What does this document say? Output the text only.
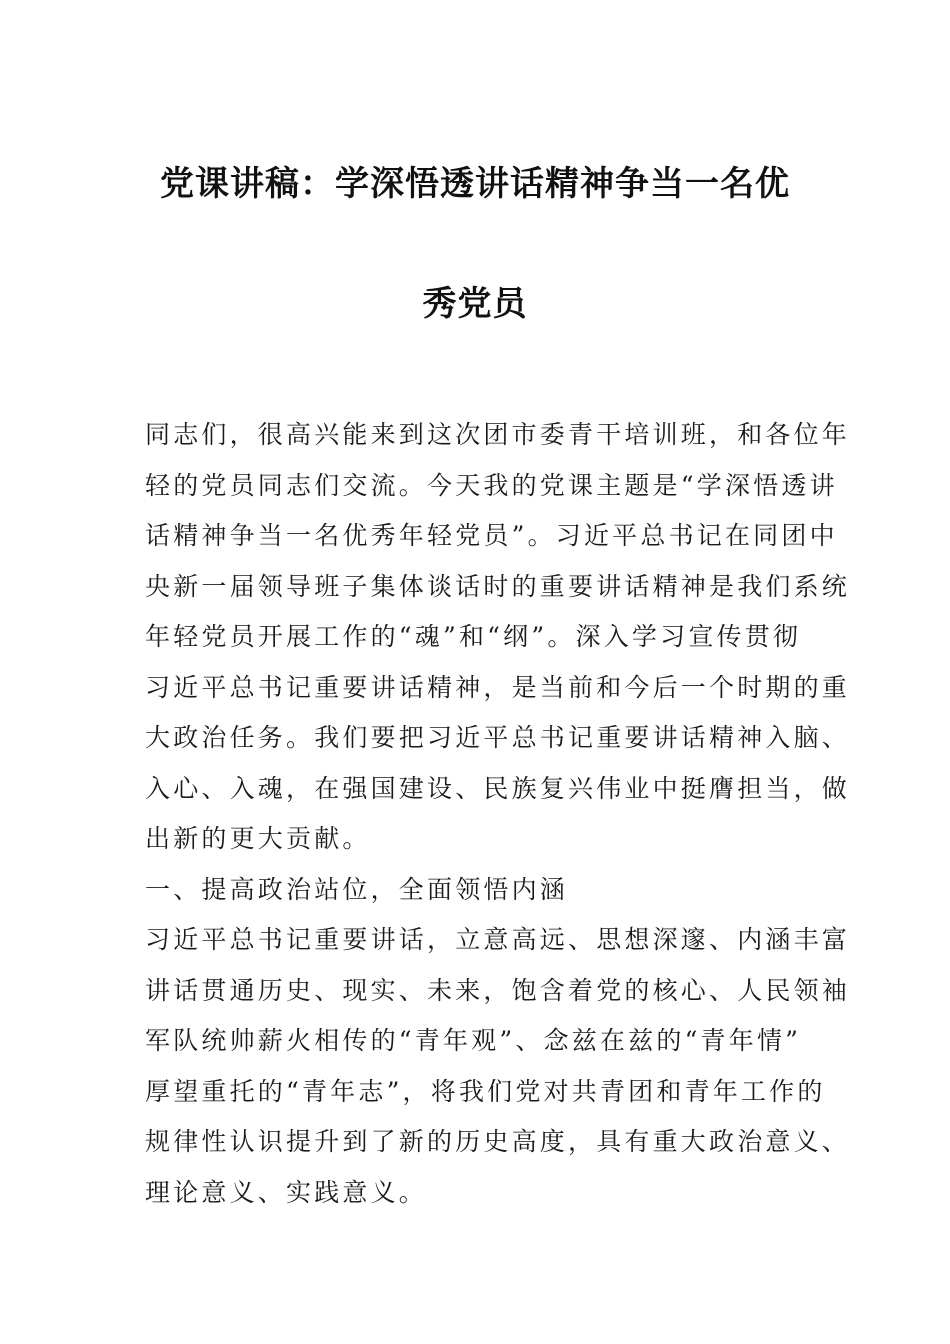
党课讲稿：学深悟透讲话精神争当一名优
秀党员
同志们，很高兴能来到这次团市委青干培训班，和各位年
轻的党员同志们交流。今天我的党课主题是“学深悟透讲
话精神争当一名优秀年轻党员”。习近平总书记在同团中
央新一届领导班子集体谈话时的重要讲话精神是我们系统
年轻党员开展工作的“魂”和“纲”。深入学习宣传贯彻
习近平总书记重要讲话精神，是当前和今后一个时期的重
大政治任务。我们要把习近平总书记重要讲话精神入脑、
入心、入魂，在强国建设、民族复兴伟业中挺膺担当，做
出新的更大贡献。
一、提高政治站位，全面领悟内涵
习近平总书记重要讲话，立意高远、思想深邃、内涵丰富
讲话贯通历史、现实、未来，饱含着党的核心、人民领袖
军队统帅薪火相传的“青年观”、念兹在兹的“青年情”
厚望重托的“青年志”，将我们党对共青团和青年工作的
规律性认识提升到了新的历史高度，具有重大政治意义、
理论意义、实践意义。
